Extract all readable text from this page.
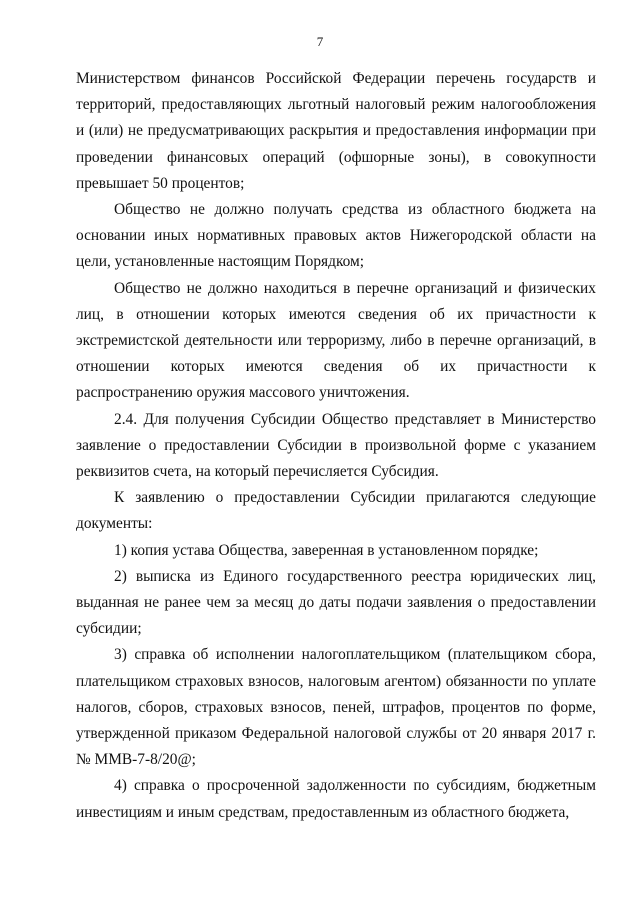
7

Министерством финансов Российской Федерации перечень государств и территорий, предоставляющих льготный налоговый режим налогообложения и (или) не предусматривающих раскрытия и предоставления информации при проведении финансовых операций (офшорные зоны), в совокупности превышает 50 процентов;

Общество не должно получать средства из областного бюджета на основании иных нормативных правовых актов Нижегородской области на цели, установленные настоящим Порядком;

Общество не должно находиться в перечне организаций и физических лиц, в отношении которых имеются сведения об их причастности к экстремистской деятельности или терроризму, либо в перечне организаций, в отношении которых имеются сведения об их причастности к распространению оружия массового уничтожения.

2.4. Для получения Субсидии Общество представляет в Министерство заявление о предоставлении Субсидии в произвольной форме с указанием реквизитов счета, на который перечисляется Субсидия.

К заявлению о предоставлении Субсидии прилагаются следующие документы:

1) копия устава Общества, заверенная в установленном порядке;

2) выписка из Единого государственного реестра юридических лиц, выданная не ранее чем за месяц до даты подачи заявления о предоставлении субсидии;

3) справка об исполнении налогоплательщиком (плательщиком сбора, плательщиком страховых взносов, налоговым агентом) обязанности по уплате налогов, сборов, страховых взносов, пеней, штрафов, процентов по форме, утвержденной приказом Федеральной налоговой службы от 20 января 2017 г. № ММВ-7-8/20@;

4) справка о просроченной задолженности по субсидиям, бюджетным инвестициям и иным средствам, предоставленным из областного бюджета,
